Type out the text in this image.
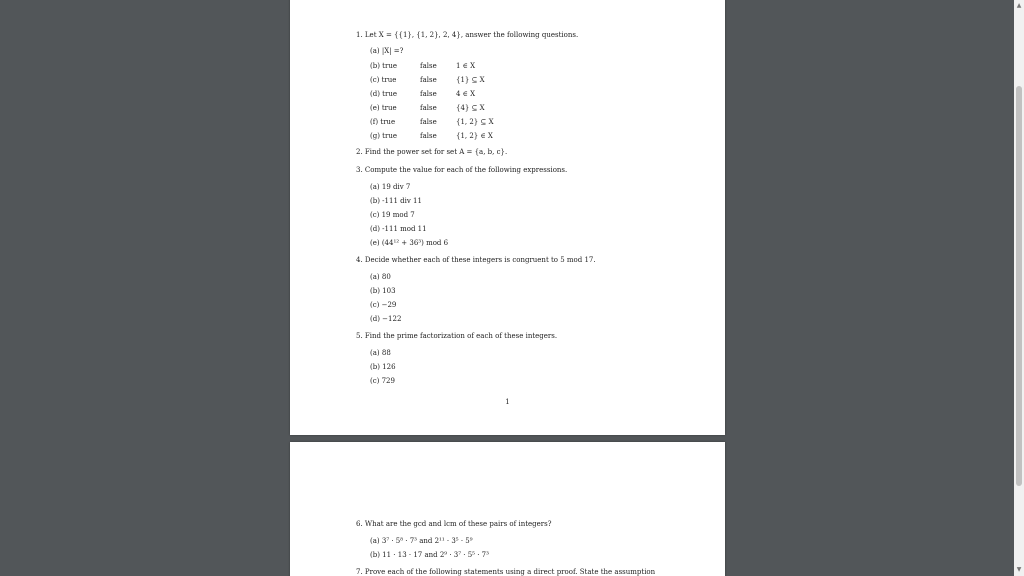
1. Let X = {{1}, {1, 2}, 2, 4}, answer the following questions.
(a) |X| =?
(b) true	false	1 ∈ X
(c) true	false	{1} ⊆ X
(d) true	false	4 ∈ X
(e) true	false	{4} ⊆ X
(f) true	false	{1, 2} ⊆ X
(g) true	false	{1, 2} ∈ X
2. Find the power set for set A = {a, b, c}.
3. Compute the value for each of the following expressions.
(a) 19 div 7
(b) -111 div 11
(c) 19 mod 7
(d) -111 mod 11
(e) (44¹² + 36³) mod 6
4. Decide whether each of these integers is congruent to 5 mod 17.
(a) 80
(b) 103
(c) −29
(d) −122
5. Find the prime factorization of each of these integers.
(a) 88
(b) 126
(c) 729
1
6. What are the gcd and lcm of these pairs of integers?
(a) 3⁷ · 5⁸ · 7³ and 2¹¹ · 3⁵ · 5⁹
(b) 11 · 13 · 17 and 2⁹ · 3⁷ · 5⁵ · 7³
7. Prove each of the following statements using a direct proof. State the assumption
▲
▼
